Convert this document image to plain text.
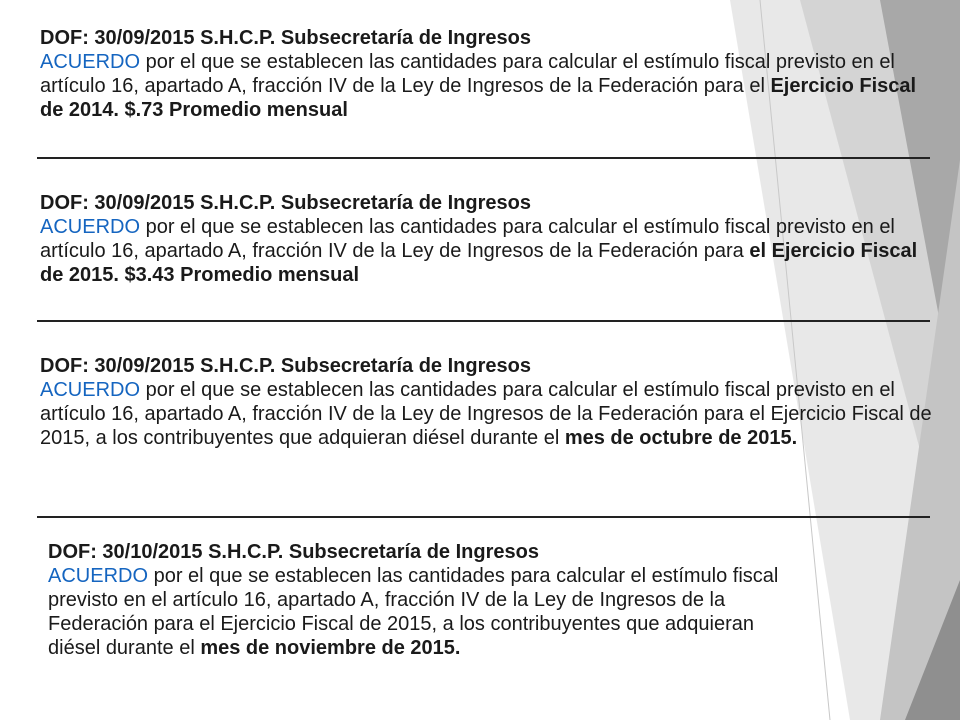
DOF: 30/09/2015 S.H.C.P. Subsecretaría de Ingresos
ACUERDO por el que se establecen las cantidades para calcular el estímulo fiscal previsto en el artículo 16, apartado A, fracción IV de la Ley de Ingresos de la Federación para el Ejercicio Fiscal de 2014. $.73 Promedio mensual
DOF: 30/09/2015 S.H.C.P. Subsecretaría de Ingresos
ACUERDO por el que se establecen las cantidades para calcular el estímulo fiscal previsto en el artículo 16, apartado A, fracción IV de la Ley de Ingresos de la Federación para el Ejercicio Fiscal de 2015. $3.43 Promedio mensual
DOF: 30/09/2015 S.H.C.P. Subsecretaría de Ingresos
ACUERDO por el que se establecen las cantidades para calcular el estímulo fiscal previsto en el artículo 16, apartado A, fracción IV de la Ley de Ingresos de la Federación para el Ejercicio Fiscal de 2015, a los contribuyentes que adquieran diésel durante el mes de octubre de 2015.
DOF: 30/10/2015 S.H.C.P. Subsecretaría de Ingresos
ACUERDO por el que se establecen las cantidades para calcular el estímulo fiscal
previsto en el artículo 16, apartado A, fracción IV de la Ley de Ingresos de la
Federación para el Ejercicio Fiscal de 2015, a los contribuyentes que adquieran
diésel durante el mes de noviembre de 2015.
